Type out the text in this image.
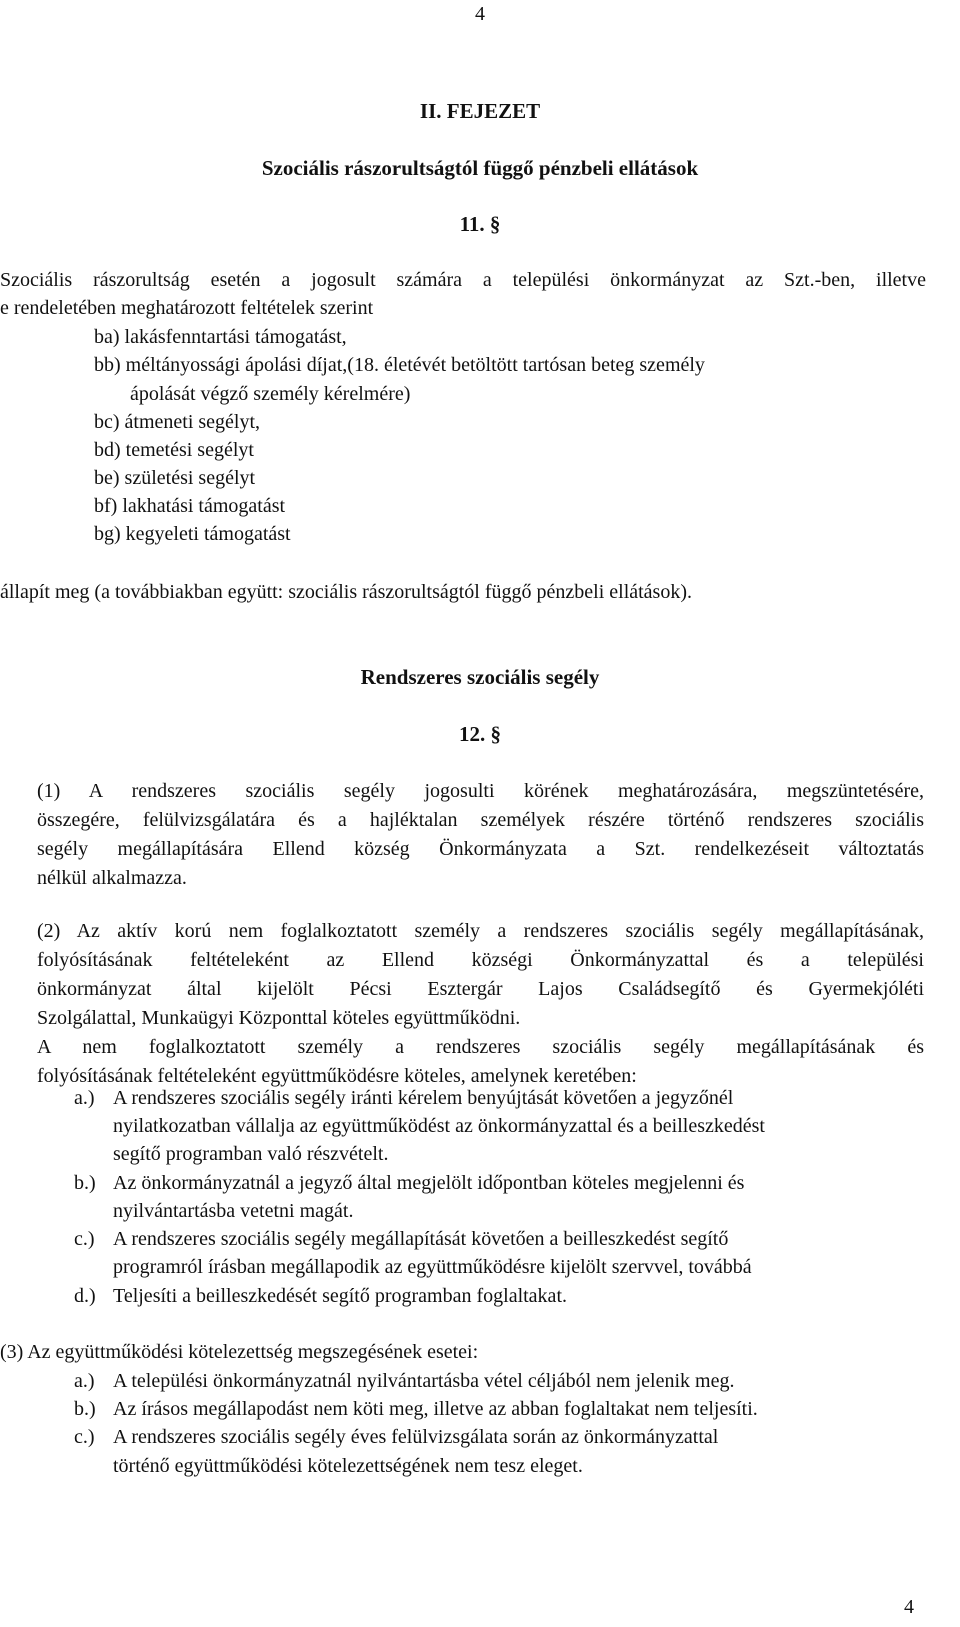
4
II. FEJEZET
Szociális rászorultságtól függő pénzbeli ellátások
11. §
Szociális rászorultság esetén a jogosult számára a települési önkormányzat az Szt.-ben, illetve
e rendeletében meghatározott feltételek szerint
ba) lakásfenntartási támogatást,
bb) méltányossági ápolási díjat,(18. életévét betöltött tartósan beteg személy
ápolását végző személy kérelmére)
bc) átmeneti segélyt,
bd) temetési segélyt
be) születési segélyt
bf) lakhatási támogatást
bg) kegyeleti támogatást
állapít meg (a továbbiakban együtt: szociális rászorultságtól függő pénzbeli ellátások).
Rendszeres szociális segély
12. §
(1) A rendszeres szociális segély jogosulti körének meghatározására, megszüntetésére,
összegére, felülvizsgálatára és a hajléktalan személyek részére történő rendszeres szociális
segély megállapítására Ellend község Önkormányzata a Szt. rendelkezéseit változtatás
nélkül alkalmazza.
(2) Az aktív korú nem foglalkoztatott személy a rendszeres szociális segély megállapításának,
folyósításának feltételeként az Ellend községi Önkormányzattal és a települési
önkormányzat által kijelölt Pécsi Esztergár Lajos Családsegítő és Gyermekjóléti
Szolgálattal, Munkaügyi Központtal köteles együttműködni.
A nem foglalkoztatott személy a rendszeres szociális segély megállapításának és
folyósításának feltételeként együttműködésre köteles, amelynek keretében:
a.) A rendszeres szociális segély iránti kérelem benyújtását követően a jegyzőnél
nyilatkozatban vállalja az együttműködést az önkormányzattal és a beilleszkedést
segítő programban való részvételt.
b.) Az önkormányzatnál a jegyző által megjelölt időpontban köteles megjelenni és
nyilvántartásba vetetni magát.
c.) A rendszeres szociális segély megállapítását követően a beilleszkedést segítő
programról írásban megállapodik az együttműködésre kijelölt szervvel, továbbá
d.) Teljesíti a beilleszkedését segítő programban foglaltakat.
(3) Az együttműködési kötelezettség megszegésének esetei:
a.) A települési önkormányzatnál nyilvántartásba vétel céljából nem jelenik meg.
b.) Az írásos megállapodást nem köti meg, illetve az abban foglaltakat nem teljesíti.
c.) A rendszeres szociális segély éves felülvizsgálata során az önkormányzattal
történő együttműködési kötelezettségének nem tesz eleget.
4
